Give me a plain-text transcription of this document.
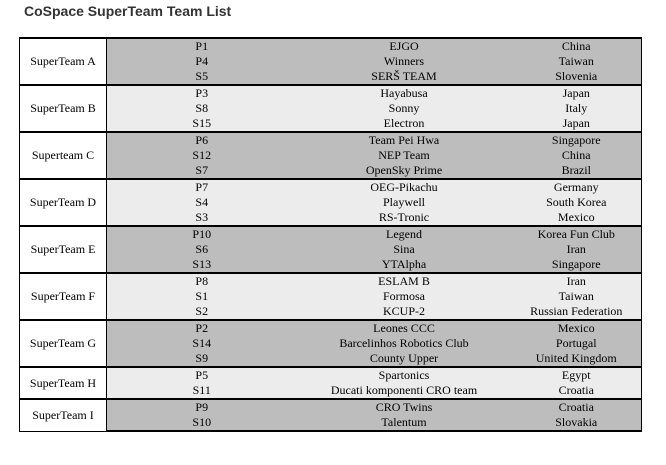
CoSpace SuperTeam Team List
SuperTeam A	P1	EJGO	China
	P4	Winners	Taiwan
	S5	SERŠ TEAM	Slovenia
SuperTeam B	P3	Hayabusa	Japan
	S8	Sonny	Italy
	S15	Electron	Japan
Superteam C	P6	Team Pei Hwa	Singapore
	S12	NEP Team	China
	S7	OpenSky Prime	Brazil
SuperTeam D	P7	OEG-Pikachu	Germany
	S4	Playwell	South Korea
	S3	RS-Tronic	Mexico
SuperTeam E	P10	Legend	Korea Fun Club
	S6	Sina	Iran
	S13	YTAlpha	Singapore
SuperTeam F	P8	ESLAM B	Iran
	S1	Formosa	Taiwan
	S2	KCUP-2	Russian Federation
SuperTeam G	P2	Leones CCC	Mexico
	S14	Barcelinhos Robotics Club	Portugal
	S9	County Upper	United Kingdom
SuperTeam H	P5	Spartonics	Egypt
	S11	Ducati komponenti CRO team	Croatia
SuperTeam I	P9	CRO Twins	Croatia
	S10	Talentum	Slovakia
